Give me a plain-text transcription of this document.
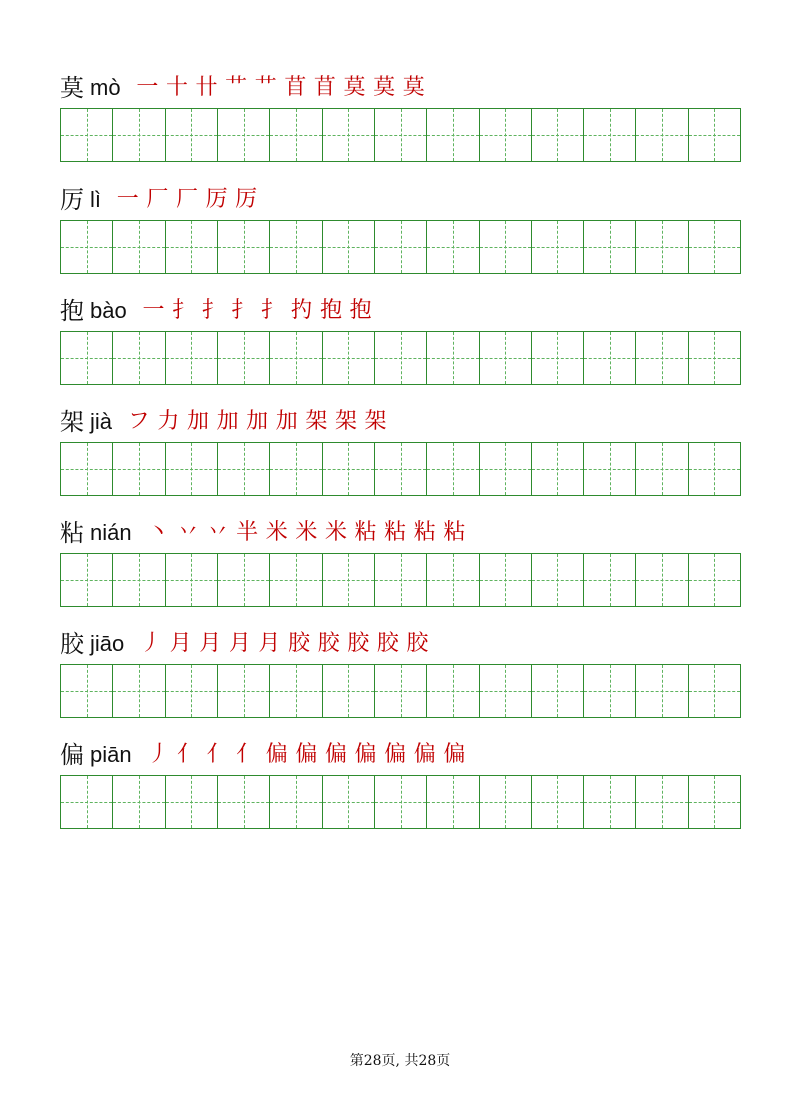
莫 mò 一 十 卄 艹 艹 苜 苜 莫 莫 莫
厉 lì 一 厂 厂 厉 厉
抱 bào 一 扌 扌 扌 扌 扚 抱 抱
架 jià フ 力 加 加 加 加 架 架 架
粘 nián 丶 丷 丷 半 米 米 米 粘 粘 粘 粘
胶 jiāo 丿 月 月 月 月 胶 胶 胶 胶 胶
偏 piān 丿 亻 亻 亻 偏 偏 偏 偏 偏 偏 偏
第28页, 共28页
